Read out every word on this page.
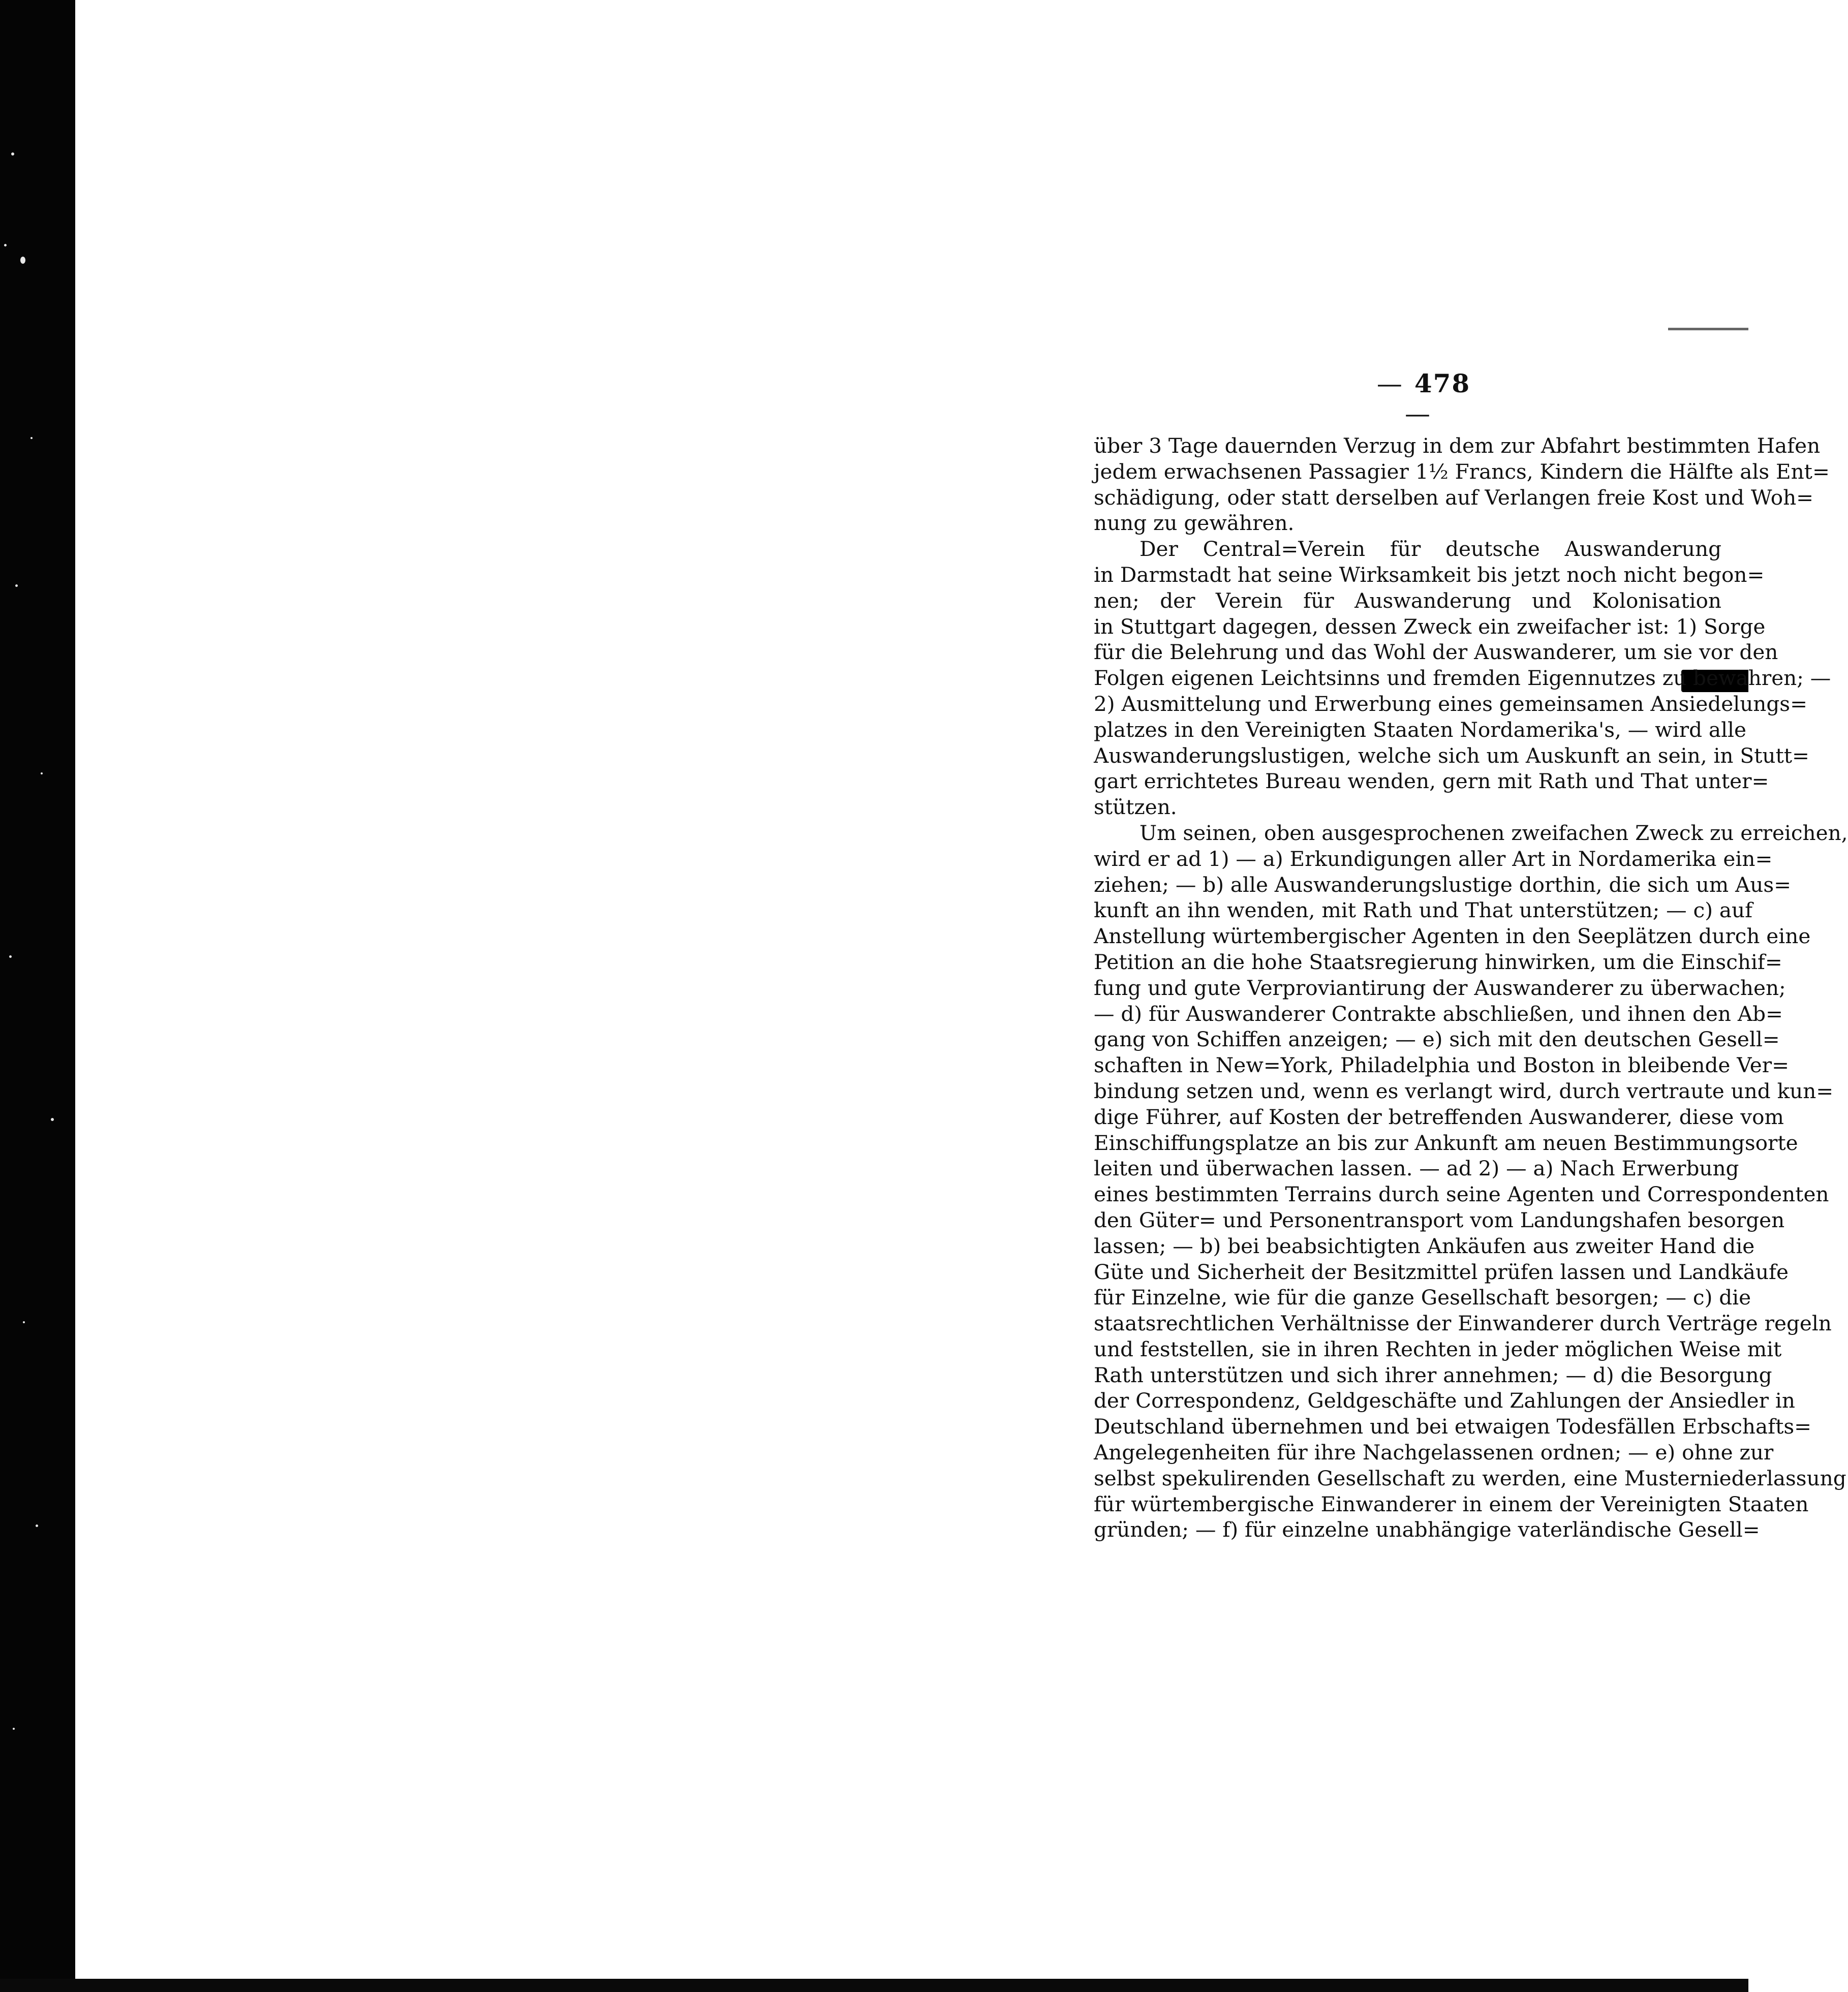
— 478—
über 3 Tage dauernden Verzug in dem zur Abfahrt bestimmten Hafen
jedem erwachsenen Passagier 1½ Francs, Kindern die Hälfte als Ent=
schädigung, oder statt derselben auf Verlangen freie Kost und Woh=
nung zu gewähren.
Der Central=Verein für deutsche Auswanderung
in Darmstadt hat seine Wirksamkeit bis jetzt noch nicht begon=
nen; der Verein für Auswanderung und Kolonisation
in Stuttgart dagegen, dessen Zweck ein zweifacher ist: 1) Sorge
für die Belehrung und das Wohl der Auswanderer, um sie vor den
Folgen eigenen Leichtsinns und fremden Eigennutzes zu bewahren; —
2) Ausmittelung und Erwerbung eines gemeinsamen Ansiedelungs=
platzes in den Vereinigten Staaten Nordamerika's, — wird alle
Auswanderungslustigen, welche sich um Auskunft an sein, in Stutt=
gart errichtetes Bureau wenden, gern mit Rath und That unter=
stützen.
Um seinen, oben ausgesprochenen zweifachen Zweck zu erreichen,
wird er ad 1) — a) Erkundigungen aller Art in Nordamerika ein=
ziehen; — b) alle Auswanderungslustige dorthin, die sich um Aus=
kunft an ihn wenden, mit Rath und That unterstützen; — c) auf
Anstellung würtembergischer Agenten in den Seeplätzen durch eine
Petition an die hohe Staatsregierung hinwirken, um die Einschif=
fung und gute Verproviantirung der Auswanderer zu überwachen;
— d) für Auswanderer Contrakte abschließen, und ihnen den Ab=
gang von Schiffen anzeigen; — e) sich mit den deutschen Gesell=
schaften in New=York, Philadelphia und Boston in bleibende Ver=
bindung setzen und, wenn es verlangt wird, durch vertraute und kun=
dige Führer, auf Kosten der betreffenden Auswanderer, diese vom
Einschiffungsplatze an bis zur Ankunft am neuen Bestimmungsorte
leiten und überwachen lassen. — ad 2) — a) Nach Erwerbung
eines bestimmten Terrains durch seine Agenten und Correspondenten
den Güter= und Personentransport vom Landungshafen besorgen
lassen; — b) bei beabsichtigten Ankäufen aus zweiter Hand die
Güte und Sicherheit der Besitzmittel prüfen lassen und Landkäufe
für Einzelne, wie für die ganze Gesellschaft besorgen; — c) die
staatsrechtlichen Verhältnisse der Einwanderer durch Verträge regeln
und feststellen, sie in ihren Rechten in jeder möglichen Weise mit
Rath unterstützen und sich ihrer annehmen; — d) die Besorgung
der Correspondenz, Geldgeschäfte und Zahlungen der Ansiedler in
Deutschland übernehmen und bei etwaigen Todesfällen Erbschafts=
Angelegenheiten für ihre Nachgelassenen ordnen; — e) ohne zur
selbst spekulirenden Gesellschaft zu werden, eine Musterniederlassung
für würtembergische Einwanderer in einem der Vereinigten Staaten
gründen; — f) für einzelne unabhängige vaterländische Gesell=
